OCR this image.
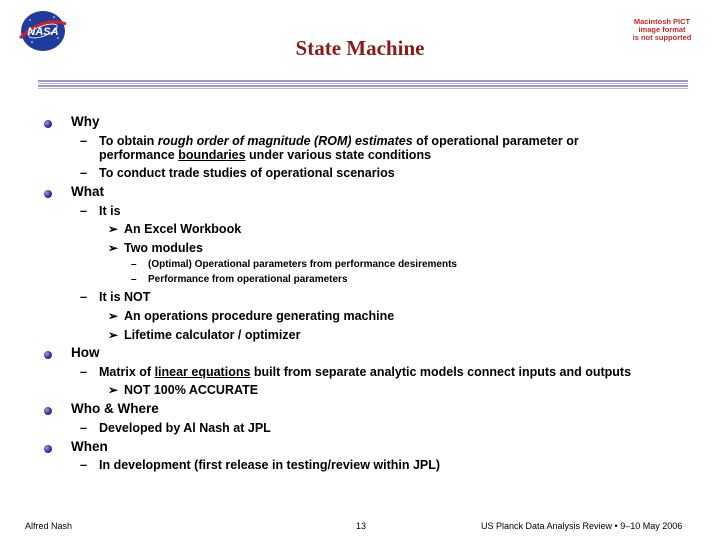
NASA
Macintosh PICT
image format
is not supported
State Machine
Why
– To obtain rough order of magnitude (ROM) estimates of operational parameter or
performance boundaries under various state conditions
– To conduct trade studies of operational scenarios
What
– It is
➢ An Excel Workbook
➢ Two modules
– (Optimal) Operational parameters from performance desirements
– Performance from operational parameters
– It is NOT
➢ An operations procedure generating machine
➢ Lifetime calculator / optimizer
How
– Matrix of linear equations built from separate analytic models connect inputs and outputs
➢ NOT 100% ACCURATE
Who & Where
– Developed by Al Nash at JPL
When
– In development (first release in testing/review within JPL)
Alfred Nash	13	US Planck Data Analysis Review • 9–10 May 2006
